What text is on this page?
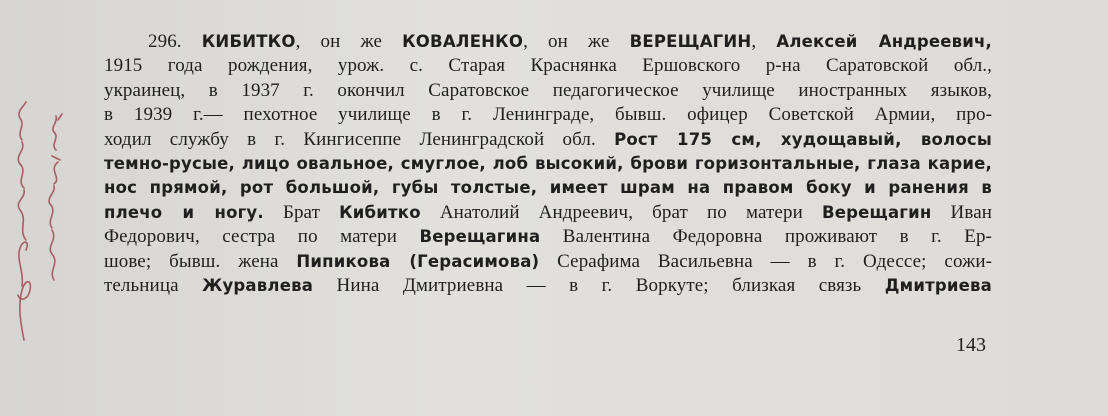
296. КИБИТКО, он же КОВАЛЕНКО, он же ВЕРЕЩАГИН, Алексей Андреевич,
1915 года рождения, урож. с. Старая Краснянка Ершовского р-на Саратовской обл.,
украинец, в 1937 г. окончил Саратовское педагогическое училище иностранных языков,
в 1939 г.— пехотное училище в г. Ленинграде, бывш. офицер Советской Армии, про-
ходил службу в г. Кингисеппе Ленинградской обл. Рост 175 см, худощавый, волосы
темно-русые, лицо овальное, смуглое, лоб высокий, брови горизонтальные, глаза карие,
нос прямой, рот большой, губы толстые, имеет шрам на правом боку и ранения в
плечо и ногу. Брат Кибитко Анатолий Андреевич, брат по матери Верещагин Иван
Федорович, сестра по матери Верещагина Валентина Федоровна проживают в г. Ер-
шове; бывш. жена Пипикова (Герасимова) Серафима Васильевна — в г. Одессе; сожи-
тельница Журавлева Нина Дмитриевна — в г. Воркуте; близкая связь Дмитриева
143
